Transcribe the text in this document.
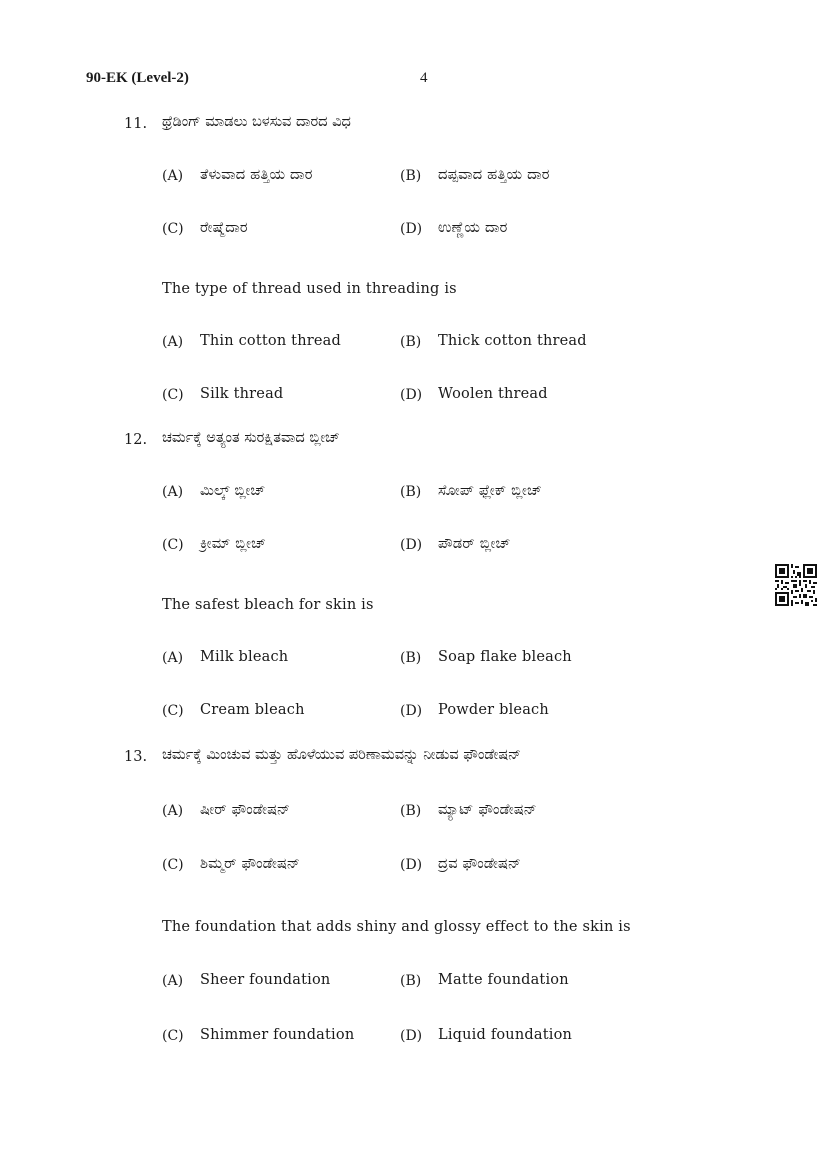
90-EK (Level-2)	4
11. ಥ್ರೆಡಿಂಗ್ ಮಾಡಲು ಬಳಸುವ ದಾರದ ವಿಧ
(A) ತೆಳುವಾದ ಹತ್ತಿಯ ದಾರ	(B) ದಪ್ಪವಾದ ಹತ್ತಿಯ ದಾರ
(C) ರೇಷ್ಮೆದಾರ	(D) ಉಣ್ಣೆಯ ದಾರ
The type of thread used in threading is
(A) Thin cotton thread	(B) Thick cotton thread
(C) Silk thread	(D) Woolen thread
12. ಚರ್ಮಕ್ಕೆ ಅತ್ಯಂತ ಸುರಕ್ಷಿತವಾದ ಬ್ಲೀಚ್
(A) ಮಿಲ್ಕ್ ಬ್ಲೀಚ್	(B) ಸೋಪ್ ಫ್ಲೇಕ್ ಬ್ಲೀಚ್
(C) ಕ್ರೀಮ್ ಬ್ಲೀಚ್	(D) ಪೌಡರ್ ಬ್ಲೀಚ್
The safest bleach for skin is
(A) Milk bleach	(B) Soap flake bleach
(C) Cream bleach	(D) Powder bleach
13. ಚರ್ಮಕ್ಕೆ ಮಿಂಚುವ ಮತ್ತು ಹೊಳೆಯುವ ಪರಿಣಾಮವನ್ನು ನೀಡುವ ಫೌಂಡೇಷನ್
(A) ಷೀರ್ ಫೌಂಡೇಷನ್	(B) ಮ್ಯಾಟ್ ಫೌಂಡೇಷನ್
(C) ಶಿಮ್ಮರ್ ಫೌಂಡೇಷನ್	(D) ದ್ರವ ಫೌಂಡೇಷನ್
The foundation that adds shiny and glossy effect to the skin is
(A) Sheer foundation	(B) Matte foundation
(C) Shimmer foundation	(D) Liquid foundation
